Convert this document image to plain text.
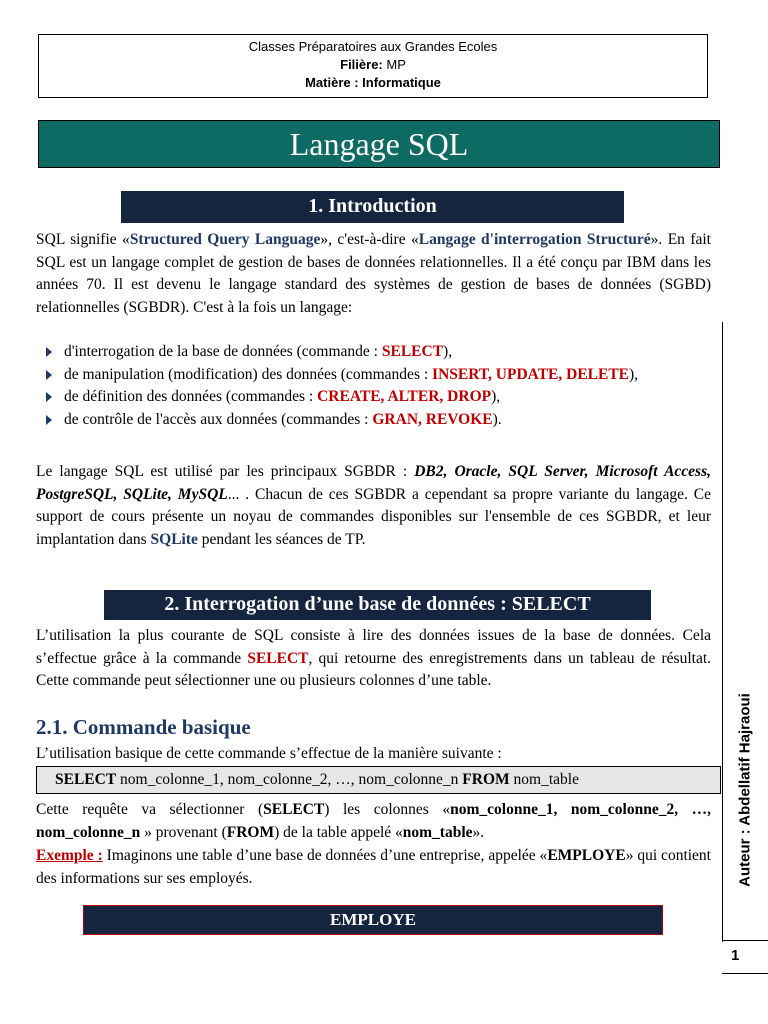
Classes Préparatoires aux Grandes Ecoles
Filière: MP
Matière : Informatique
Langage SQL
1. Introduction
SQL signifie «Structured Query Language», c'est-à-dire «Langage d'interrogation Structuré». En fait SQL est un langage complet de gestion de bases de données relationnelles. Il a été conçu par IBM dans les années 70. Il est devenu le langage standard des systèmes de gestion de bases de données (SGBD) relationnelles (SGBDR). C'est à la fois un langage:
d'interrogation de la base de données (commande : SELECT),
de manipulation (modification) des données (commandes : INSERT, UPDATE, DELETE),
de définition des données (commandes : CREATE, ALTER, DROP),
de contrôle de l'accès aux données (commandes : GRAN, REVOKE).
Le langage SQL est utilisé par les principaux SGBDR : DB2, Oracle, SQL Server, Microsoft Access, PostgreSQL, SQLite, MySQL... . Chacun de ces SGBDR a cependant sa propre variante du langage. Ce support de cours présente un noyau de commandes disponibles sur l'ensemble de ces SGBDR, et leur implantation dans SQLite pendant les séances de TP.
2. Interrogation d’une base de données : SELECT
L’utilisation la plus courante de SQL consiste à lire des données issues de la base de données. Cela s’effectue grâce à la commande SELECT, qui retourne des enregistrements dans un tableau de résultat. Cette commande peut sélectionner une ou plusieurs colonnes d’une table.
2.1. Commande basique
L’utilisation basique de cette commande s’effectue de la manière suivante :
SELECT nom_colonne_1, nom_colonne_2, …, nom_colonne_n FROM nom_table
Cette requête va sélectionner (SELECT) les colonnes «nom_colonne_1, nom_colonne_2, …, nom_colonne_n » provenant (FROM) de la table appelé «nom_table».
Exemple : Imaginons une table d’une base de données d’une entreprise, appelée «EMPLOYE» qui contient des informations sur ses employés.
EMPLOYE
Auteur : Abdellatif Hajraoui
1
